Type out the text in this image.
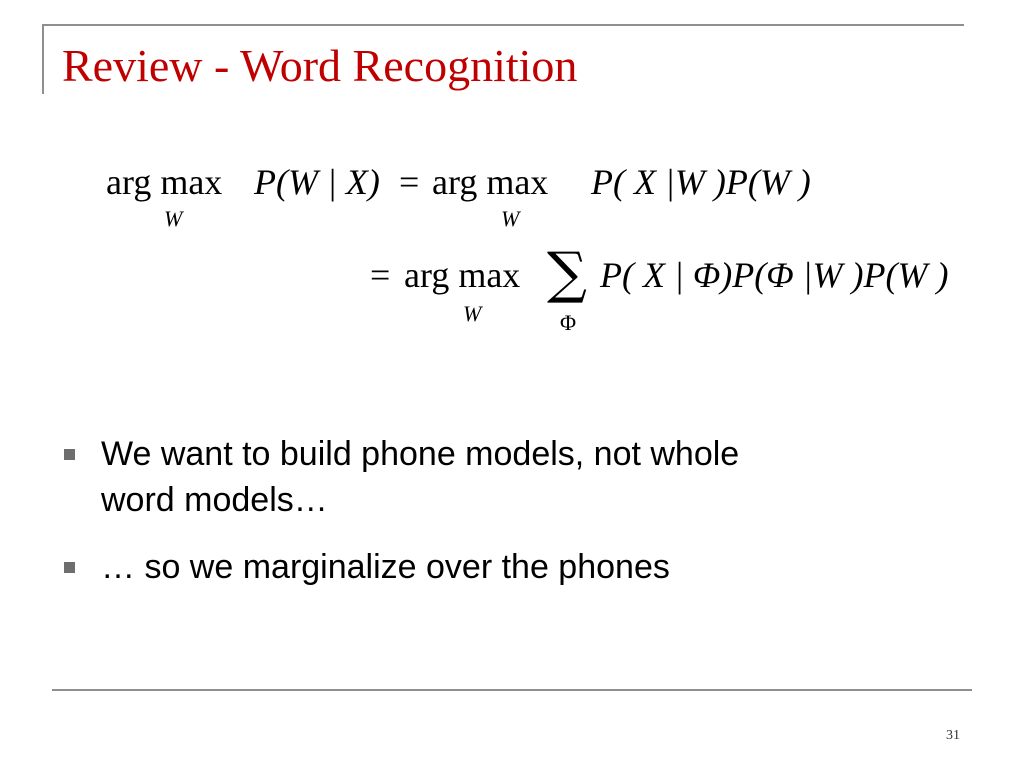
Review - Word Recognition
arg max P(W | X) = arg max P( X |W )P(W )
W	W
= arg max
W
∑
Φ
P( X | Φ)P(Φ |W )P(W )
We want to build phone models, not whole
word models…
… so we marginalize over the phones
31
